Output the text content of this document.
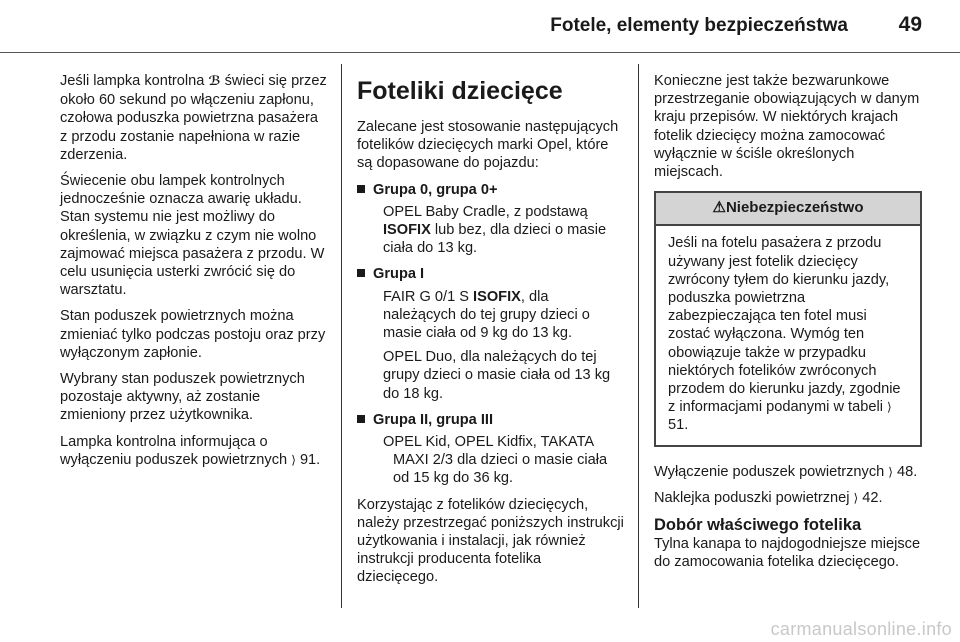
Fotele, elementy bezpieczeństwa 49

Jeśli lampka kontrolna ℬ świeci się przez około 60 sekund po włączeniu zapłonu, czołowa poduszka powietrzna pasażera z przodu zostanie napełniona w razie zderzenia.

Świecenie obu lampek kontrolnych jednocześnie oznacza awarię układu. Stan systemu nie jest możliwy do określenia, w związku z czym nie wolno zajmować miejsca pasażera z przodu. W celu usunięcia usterki zwrócić się do warsztatu.

Stan poduszek powietrznych można zmieniać tylko podczas postoju oraz przy wyłączonym zapłonie.

Wybrany stan poduszek powietrznych pozostaje aktywny, aż zostanie zmieniony przez użytkownika.

Lampka kontrolna informująca o wyłączeniu poduszek powietrznych ⟩ 91.

Foteliki dziecięce

Zalecane jest stosowanie następujących fotelików dziecięcych marki Opel, które są dopasowane do pojazdu:

Grupa 0, grupa 0+
OPEL Baby Cradle, z podstawą ISOFIX lub bez, dla dzieci o masie ciała do 13 kg.
Grupa I
FAIR G 0/1 S ISOFIX, dla należących do tej grupy dzieci o masie ciała od 9 kg do 13 kg.
OPEL Duo, dla należących do tej grupy dzieci o masie ciała od 13 kg do 18 kg.
Grupa II, grupa III
OPEL Kid, OPEL Kidfix, TAKATA MAXI 2/3 dla dzieci o masie ciała od 15 kg do 36 kg.

Korzystając z fotelików dziecięcych, należy przestrzegać poniższych instrukcji użytkowania i instalacji, jak również instrukcji producenta fotelika dziecięcego.

Konieczne jest także bezwarunkowe przestrzeganie obowiązujących w danym kraju przepisów. W niektórych krajach fotelik dziecięcy można zamocować wyłącznie w ściśle określonych miejscach.

⚠Niebezpieczeństwo
Jeśli na fotelu pasażera z przodu używany jest fotelik dziecięcy zwrócony tyłem do kierunku jazdy, poduszka powietrzna zabezpieczająca ten fotel musi zostać wyłączona. Wymóg ten obowiązuje także w przypadku niektórych fotelików zwróconych przodem do kierunku jazdy, zgodnie z informacjami podanymi w tabeli ⟩ 51.

Wyłączenie poduszek powietrznych ⟩ 48.

Naklejka poduszki powietrznej ⟩ 42.

Dobór właściwego fotelika

Tylna kanapa to najdogodniejsze miejsce do zamocowania fotelika dziecięcego.

carmanualsonline.info
